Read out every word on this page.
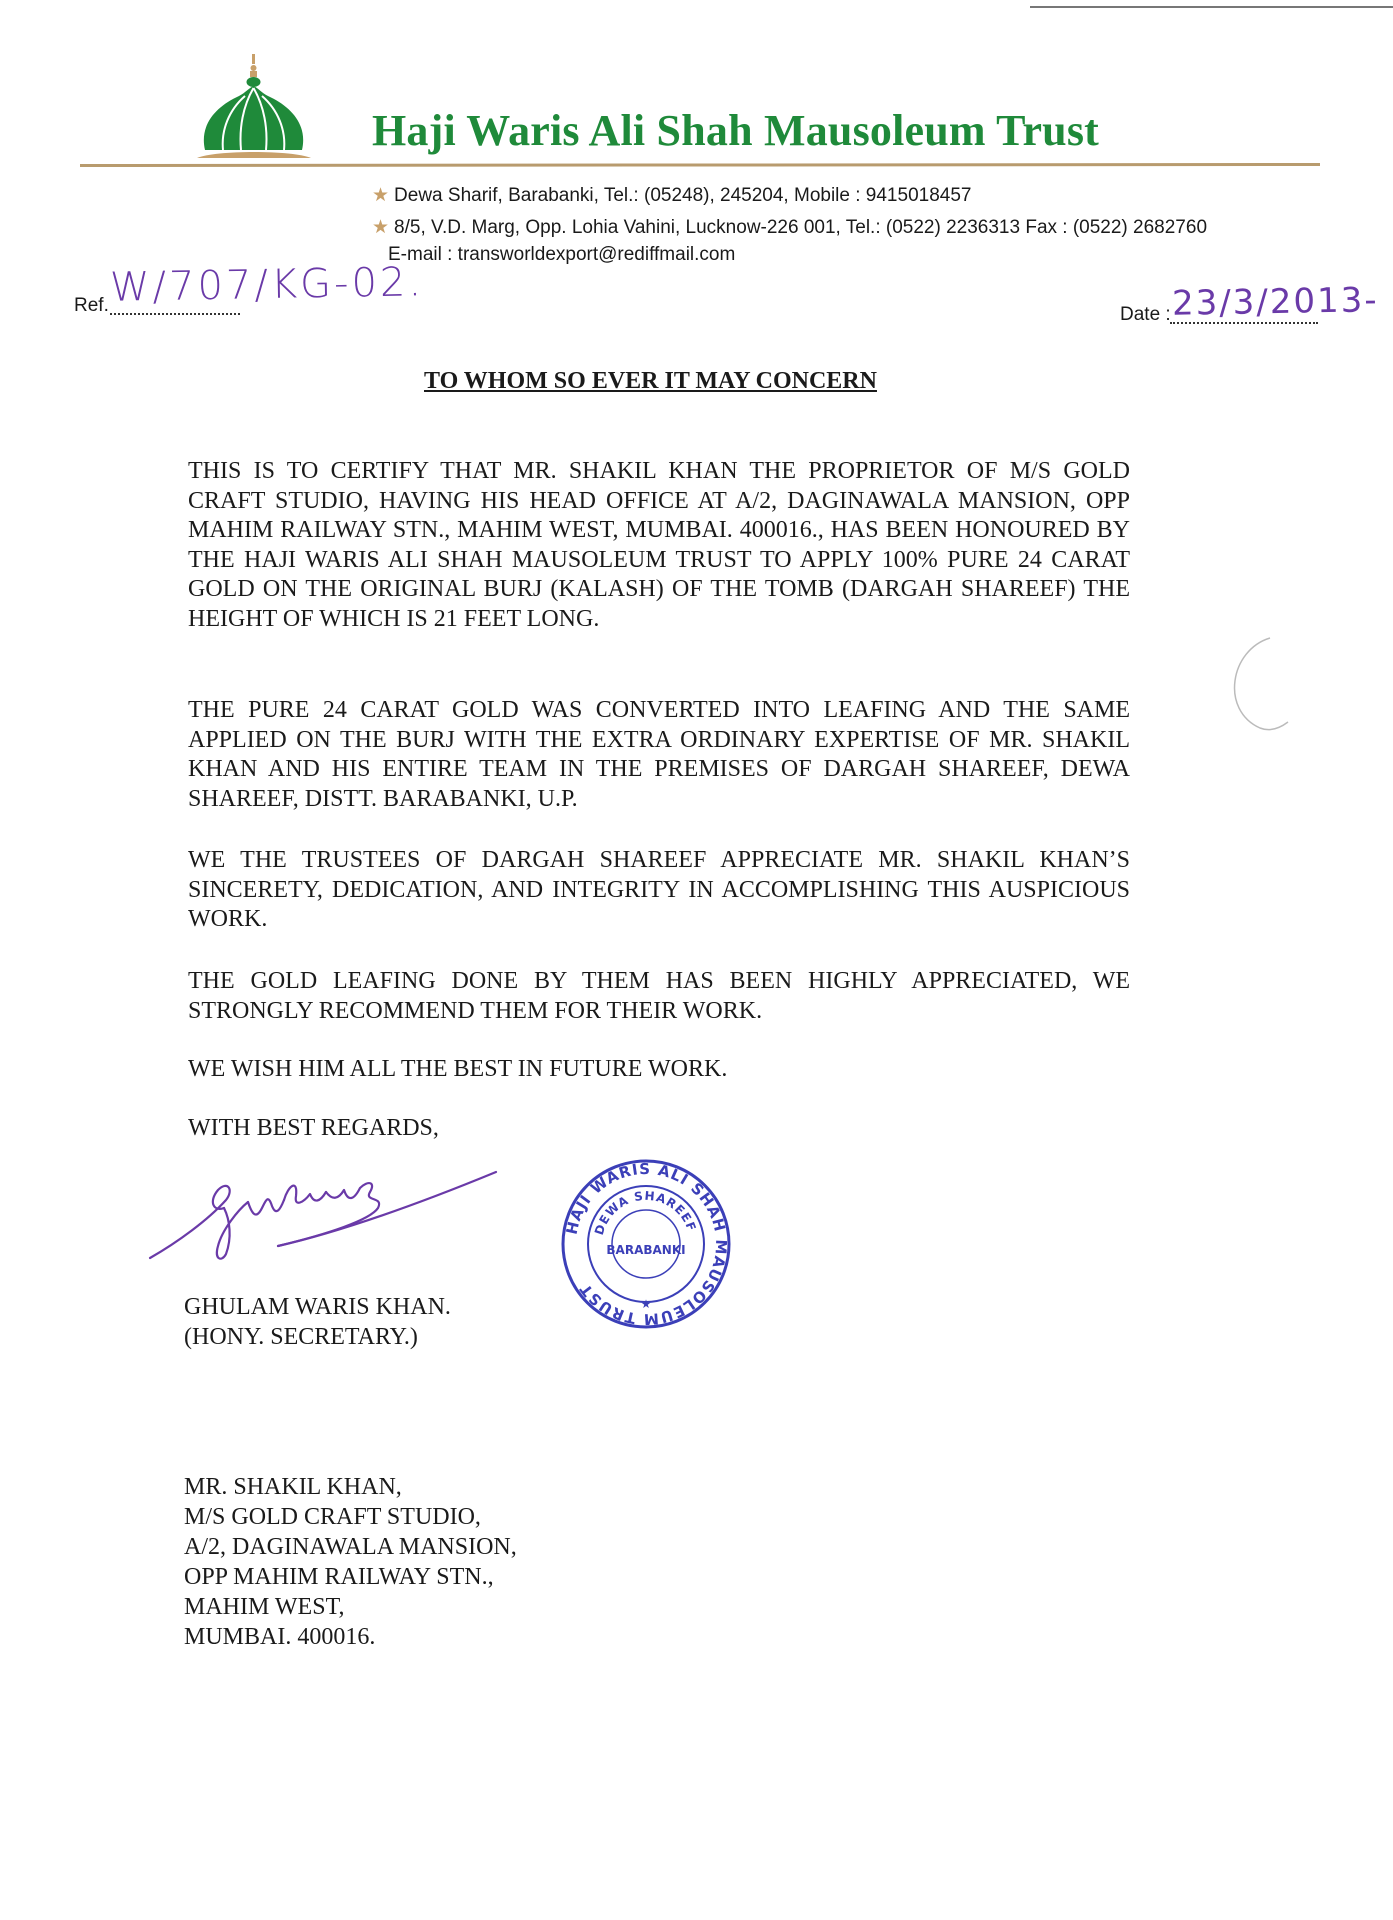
Haji Waris Ali Shah Mausoleum Trust
★ Dewa Sharif, Barabanki, Tel.: (05248), 245204, Mobile : 9415018457
★ 8/5, V.D. Marg, Opp. Lohia Vahini, Lucknow-226 001, Tel.: (0522) 2236313 Fax : (0522) 2682760
E-mail : transworldexport@rediffmail.com
Ref. W/707/KG-02.
Date : 23/3/2013-
TO WHOM SO EVER IT MAY CONCERN
THIS IS TO CERTIFY THAT MR. SHAKIL KHAN THE PROPRIETOR OF M/S GOLD CRAFT STUDIO, HAVING HIS HEAD OFFICE AT A/2, DAGINAWALA MANSION, OPP MAHIM RAILWAY STN., MAHIM WEST, MUMBAI. 400016., HAS BEEN HONOURED BY THE HAJI WARIS ALI SHAH MAUSOLEUM TRUST TO APPLY 100% PURE 24 CARAT GOLD ON THE ORIGINAL BURJ (KALASH) OF THE TOMB (DARGAH SHAREEF) THE HEIGHT OF WHICH IS 21 FEET LONG.
THE PURE 24 CARAT GOLD WAS CONVERTED INTO LEAFING AND THE SAME APPLIED ON THE BURJ WITH THE EXTRA ORDINARY EXPERTISE OF MR. SHAKIL KHAN AND HIS ENTIRE TEAM IN THE PREMISES OF DARGAH SHAREEF, DEWA SHAREEF, DISTT. BARABANKI, U.P.
WE THE TRUSTEES OF DARGAH SHAREEF APPRECIATE MR. SHAKIL KHAN’S SINCERETY, DEDICATION, AND INTEGRITY IN ACCOMPLISHING THIS AUSPICIOUS WORK.
THE GOLD LEAFING DONE BY THEM HAS BEEN HIGHLY APPRECIATED, WE STRONGLY RECOMMEND THEM FOR THEIR WORK.
WE WISH HIM ALL THE BEST IN FUTURE WORK.
WITH BEST REGARDS,
HAJI WARIS ALI SHAH MAUSOLEUM TRUST
DEWA SHAREEF
BARABANKI
★
GHULAM WARIS KHAN.
(HONY. SECRETARY.)
MR. SHAKIL KHAN,
M/S GOLD CRAFT STUDIO,
A/2, DAGINAWALA MANSION,
OPP MAHIM RAILWAY STN.,
MAHIM WEST,
MUMBAI. 400016.
